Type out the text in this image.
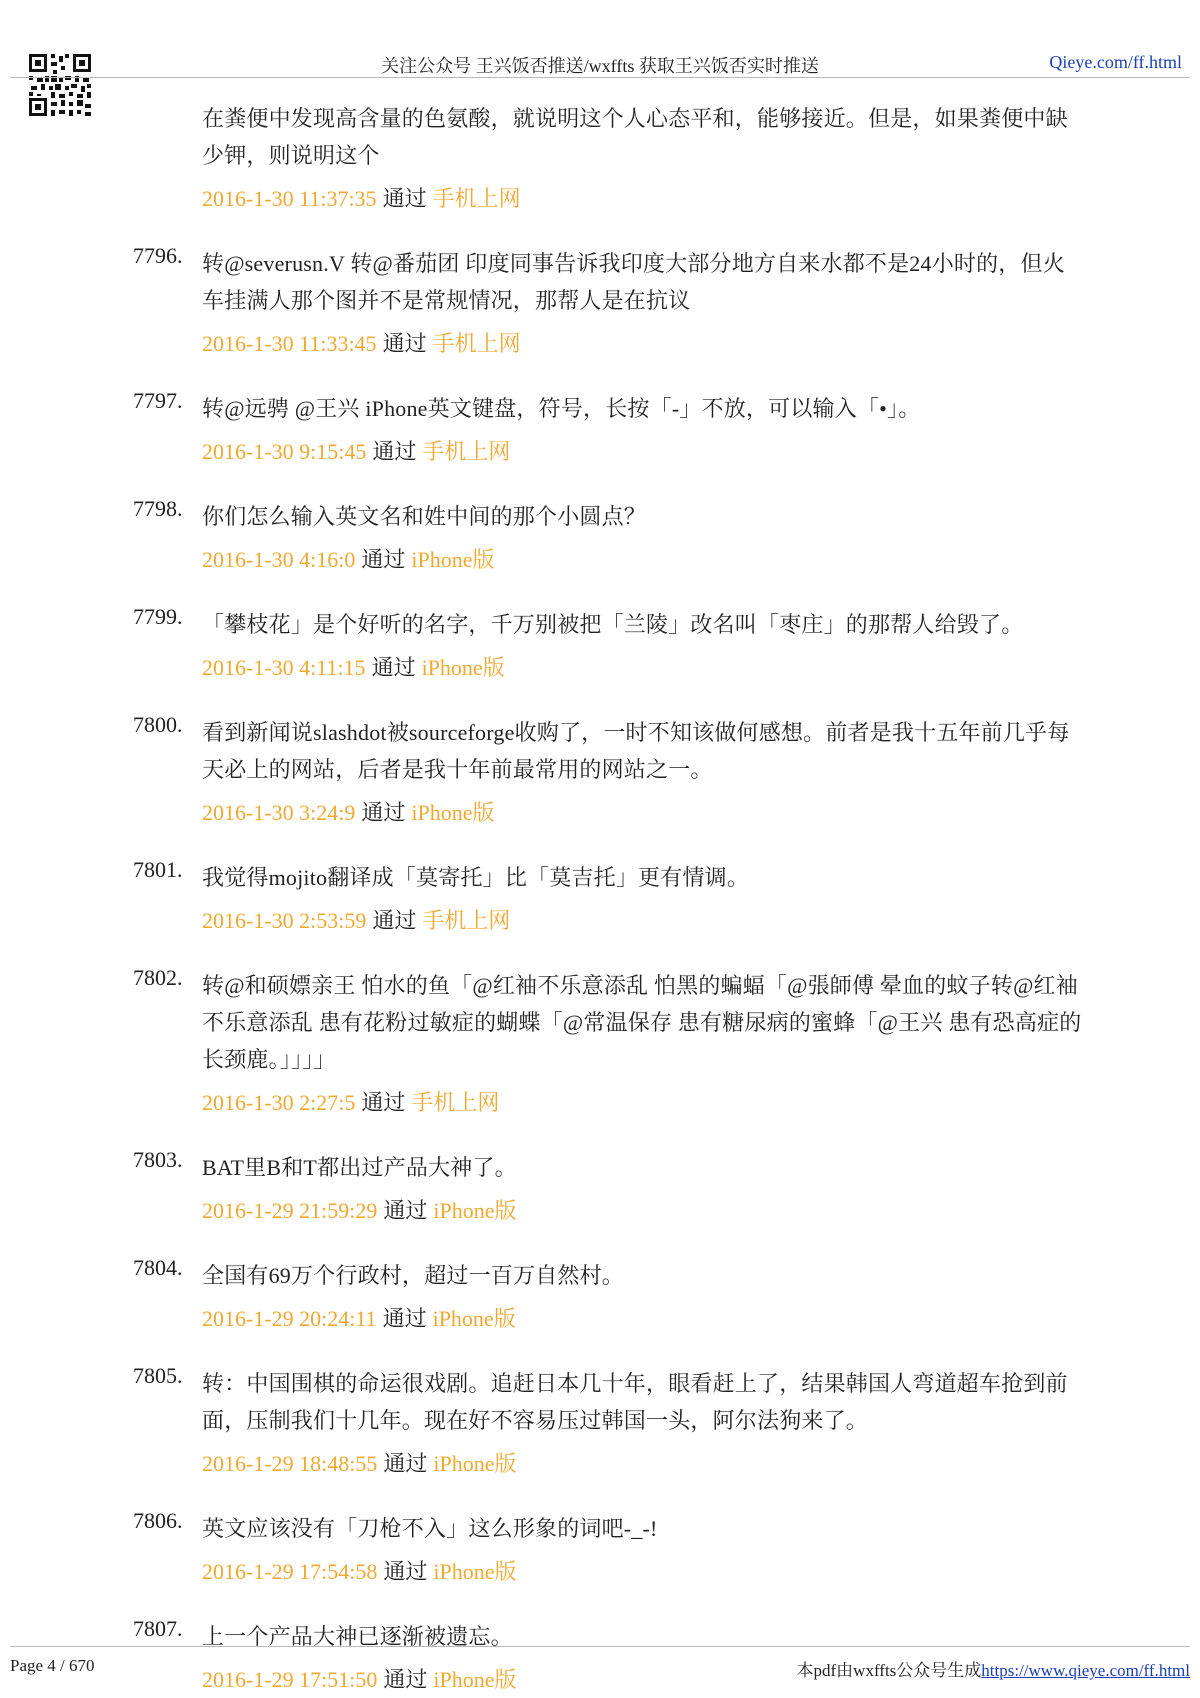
关注公众号 王兴饭否推送/wxffts 获取王兴饭否实时推送	Qieye.com/ff.html
在粪便中发现高含量的色氨酸，就说明这个人心态平和，能够接近。但是，如果粪便中缺少钾，则说明这个
2016-1-30 11:37:35 通过 手机上网
7796. 转@severusn.V 转@番茄团 印度同事告诉我印度大部分地方自来水都不是24小时的，但火车挂满人那个图并不是常规情况，那帮人是在抗议
2016-1-30 11:33:45 通过 手机上网
7797. 转@远骋 @王兴 iPhone英文键盘，符号，长按「-」不放，可以输入「•」。
2016-1-30 9:15:45 通过 手机上网
7798. 你们怎么输入英文名和姓中间的那个小圆点？
2016-1-30 4:16:0 通过 iPhone版
7799. 「攀枝花」是个好听的名字，千万别被把「兰陵」改名叫「枣庄」的那帮人给毁了。
2016-1-30 4:11:15 通过 iPhone版
7800. 看到新闻说slashdot被sourceforge收购了，一时不知该做何感想。前者是我十五年前几乎每天必上的网站，后者是我十年前最常用的网站之一。
2016-1-30 3:24:9 通过 iPhone版
7801. 我觉得mojito翻译成「莫寄托」比「莫吉托」更有情调。
2016-1-30 2:53:59 通过 手机上网
7802. 转@和硕嫖亲王 怕水的鱼「@红袖不乐意添乱 怕黑的蝙蝠「@張師傅 晕血的蚊子转@红袖不乐意添乱 患有花粉过敏症的蝴蝶「@常温保存 患有糖尿病的蜜蜂「@王兴 患有恐高症的长颈鹿。」」」」
2016-1-30 2:27:5 通过 手机上网
7803. BAT里B和T都出过产品大神了。
2016-1-29 21:59:29 通过 iPhone版
7804. 全国有69万个行政村，超过一百万自然村。
2016-1-29 20:24:11 通过 iPhone版
7805. 转：中国围棋的命运很戏剧。追赶日本几十年，眼看赶上了，结果韩国人弯道超车抢到前面，压制我们十几年。现在好不容易压过韩国一头，阿尔法狗来了。
2016-1-29 18:48:55 通过 iPhone版
7806. 英文应该没有「刀枪不入」这么形象的词吧-_-!
2016-1-29 17:54:58 通过 iPhone版
7807. 上一个产品大神已逐渐被遗忘。
2016-1-29 17:51:50 通过 iPhone版
Page 4 / 670	本pdf由wxffts公众号生成https://www.qieye.com/ff.html
